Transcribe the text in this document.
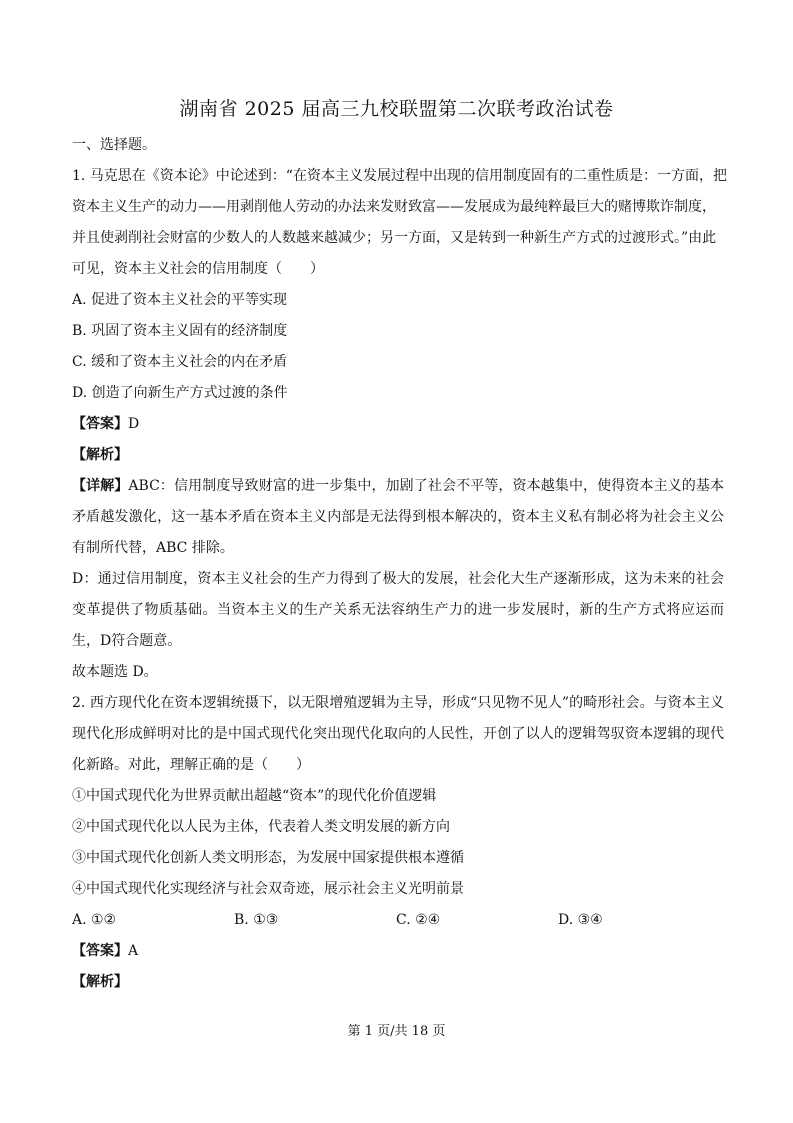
湖南省 2025 届高三九校联盟第二次联考政治试卷
一、选择题。
1. 马克思在《资本论》中论述到：“在资本主义发展过程中出现的信用制度固有的二重性质是：一方面，把
资本主义生产的动力——用剥削他人劳动的办法来发财致富——发展成为最纯粹最巨大的赌博欺诈制度，
并且使剥削社会财富的少数人的人数越来越减少；另一方面，又是转到一种新生产方式的过渡形式。”由此
可见，资本主义社会的信用制度（　　）
A. 促进了资本主义社会的平等实现
B. 巩固了资本主义固有的经济制度
C. 缓和了资本主义社会的内在矛盾
D. 创造了向新生产方式过渡的条件
【答案】D
【解析】
【详解】ABC：信用制度导致财富的进一步集中，加剧了社会不平等，资本越集中，使得资本主义的基本矛盾越发激化，这一基本矛盾在资本主义内部是无法得到根本解决的，资本主义私有制必将为社会主义公有制所代替，ABC 排除。
D：通过信用制度，资本主义社会的生产力得到了极大的发展，社会化大生产逐渐形成，这为未来的社会变革提供了物质基础。当资本主义的生产关系无法容纳生产力的进一步发展时，新的生产方式将应运而生，D符合题意。
故本题选 D。
2. 西方现代化在资本逻辑统摄下，以无限增殖逻辑为主导，形成“只见物不见人”的畸形社会。与资本主义现代化形成鲜明对比的是中国式现代化突出现代化取向的人民性，开创了以人的逻辑驾驭资本逻辑的现代化新路。对此，理解正确的是（　　）
①中国式现代化为世界贡献出超越“资本”的现代化价值逻辑
②中国式现代化以人民为主体，代表着人类文明发展的新方向
③中国式现代化创新人类文明形态，为发展中国家提供根本遵循
④中国式现代化实现经济与社会双奇迹，展示社会主义光明前景
A. ①②	B. ①③	C. ②④	D. ③④
【答案】A
【解析】
第 1 页/共 18 页
